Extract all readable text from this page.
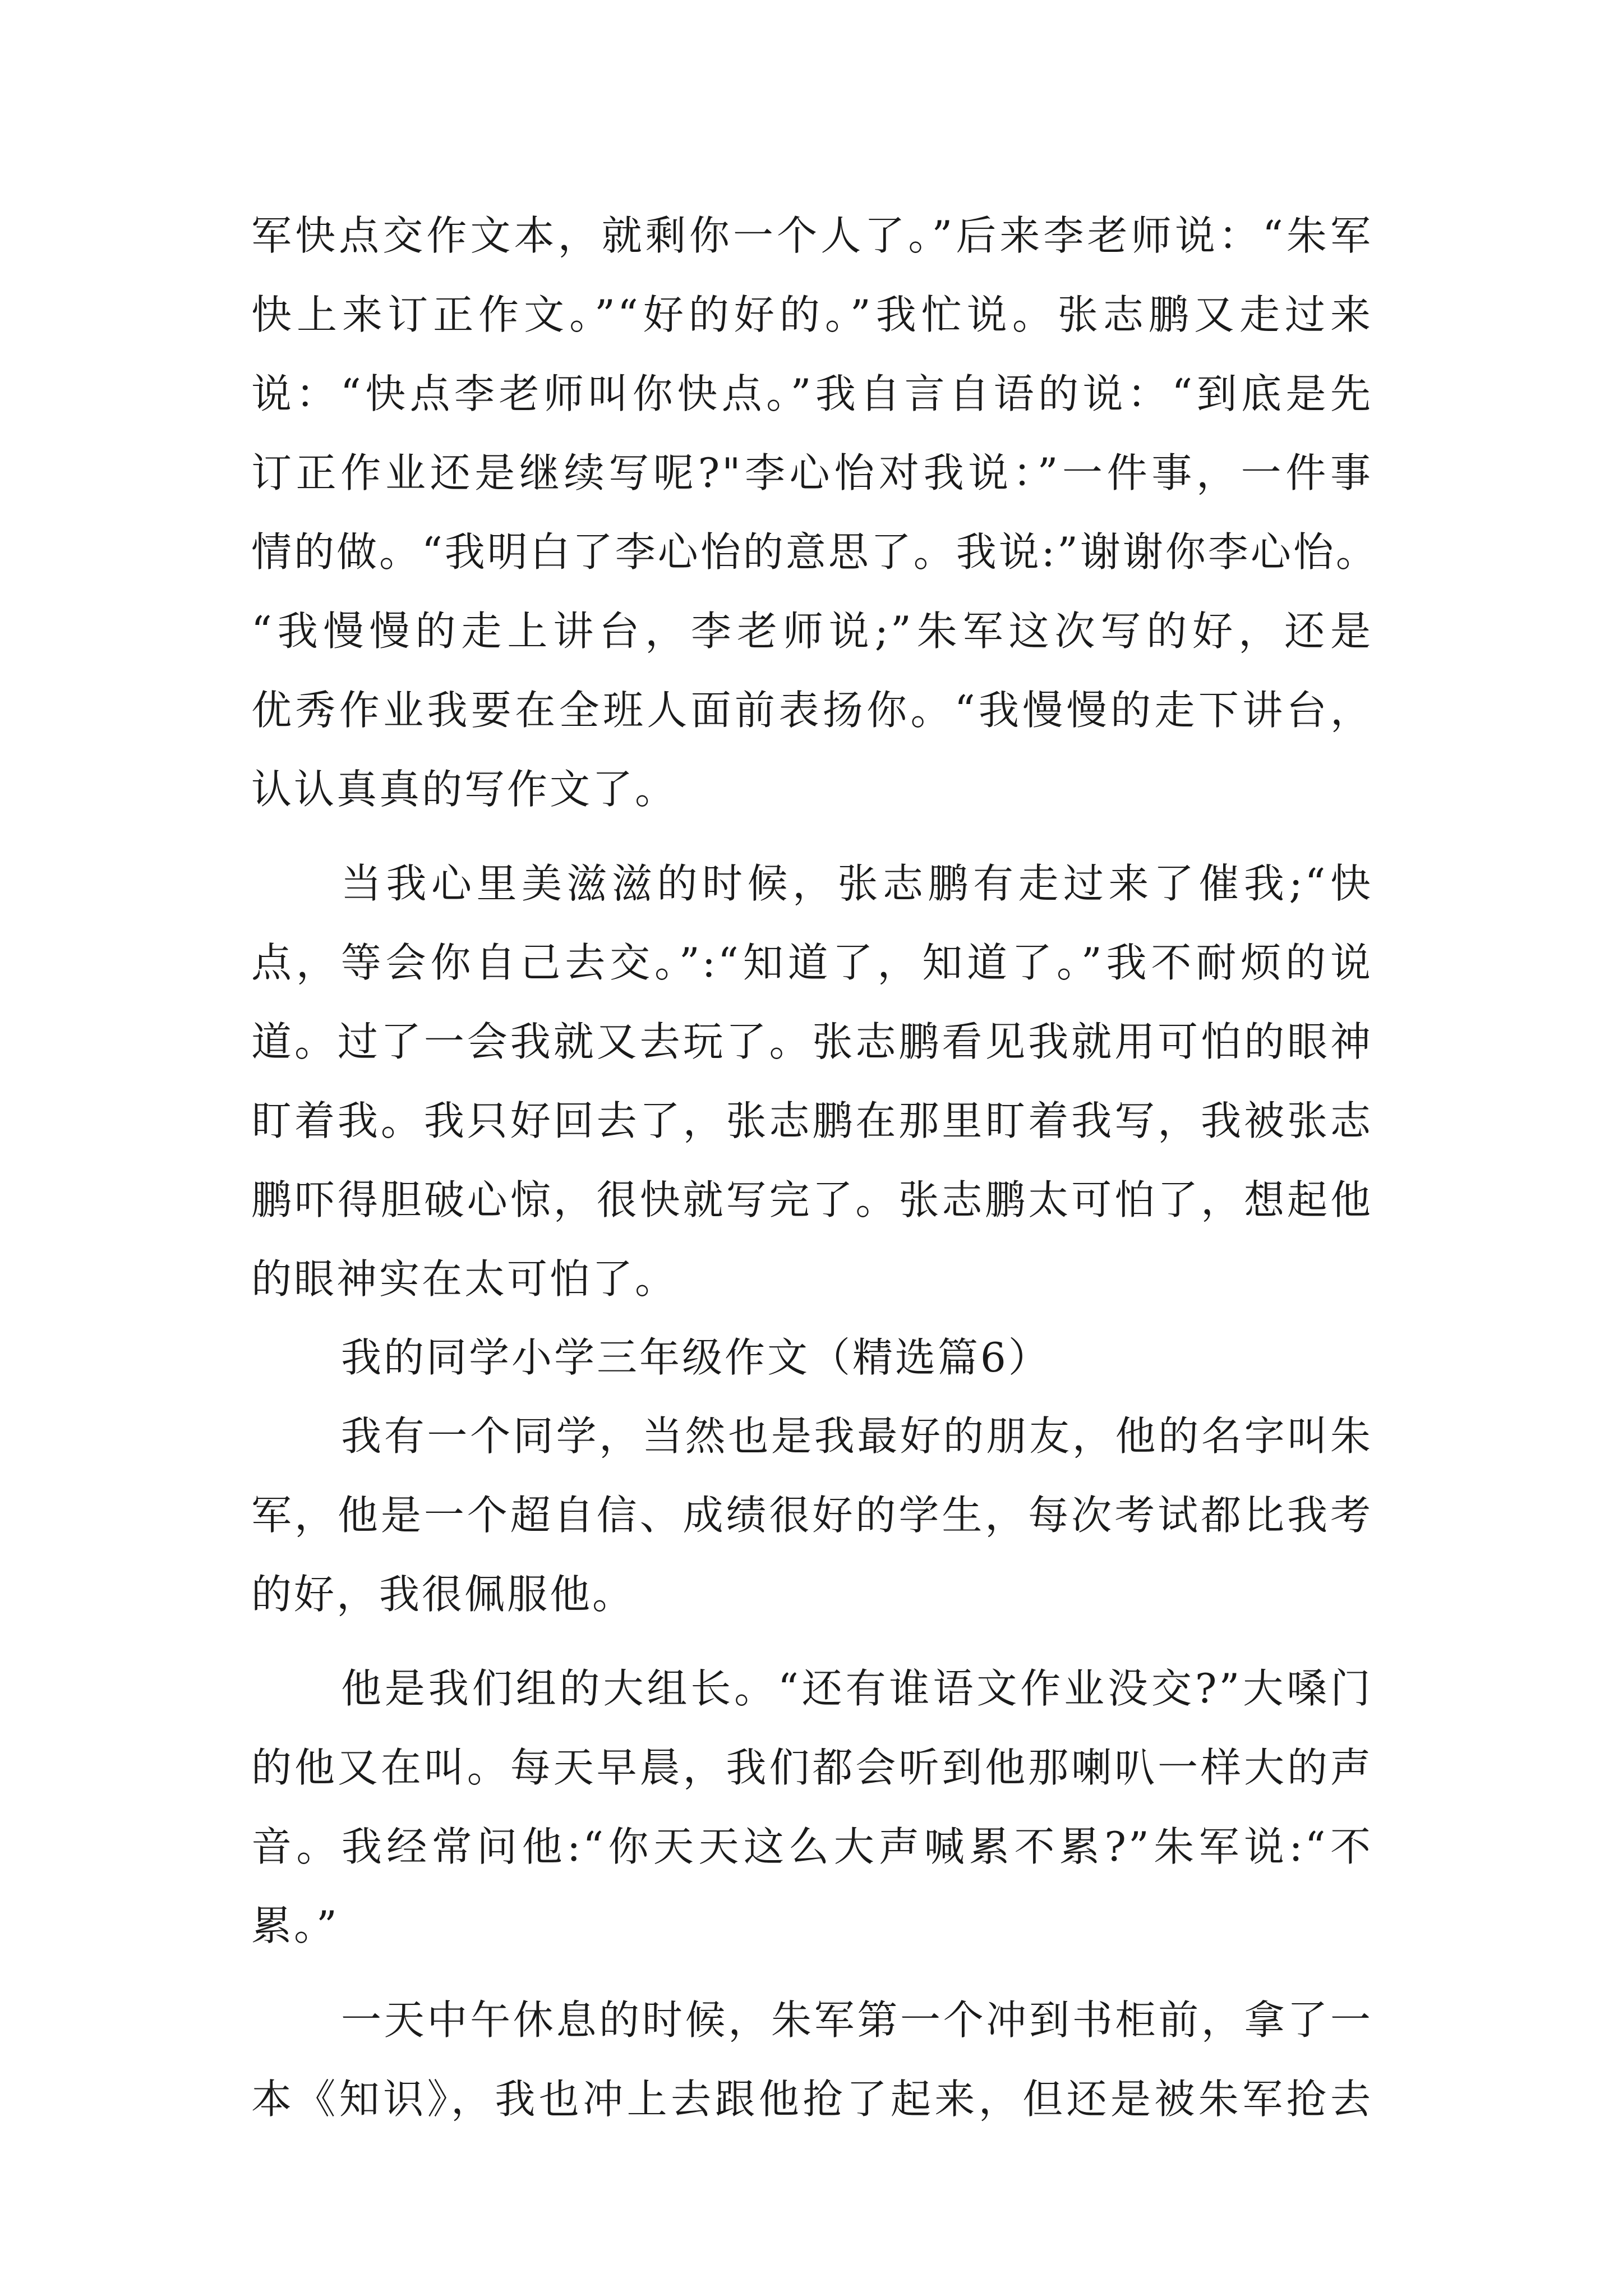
军快点交作文本，就剩你一个人了。”后来李老师说：“朱军
快上来订正作文。”“好的好的。”我忙说。张志鹏又走过来
说：“快点李老师叫你快点。”我自言自语的说：“到底是先
订正作业还是继续写呢?"李心怡对我说：”一件事，一件事
情的做。“我明白了李心怡的意思了。我说:”谢谢你李心怡。
“我慢慢的走上讲台，李老师说;”朱军这次写的好，还是
优秀作业我要在全班人面前表扬你。“我慢慢的走下讲台，
认认真真的写作文了。
当我心里美滋滋的时候，张志鹏有走过来了催我;“快
点，等会你自己去交。”:“知道了，知道了。”我不耐烦的说
道。过了一会我就又去玩了。张志鹏看见我就用可怕的眼神
盯着我。我只好回去了，张志鹏在那里盯着我写，我被张志
鹏吓得胆破心惊，很快就写完了。张志鹏太可怕了，想起他
的眼神实在太可怕了。
我的同学小学三年级作文（精选篇6）
我有一个同学，当然也是我最好的朋友，他的名字叫朱
军，他是一个超自信、成绩很好的学生，每次考试都比我考
的好，我很佩服他。
他是我们组的大组长。“还有谁语文作业没交?”大嗓门
的他又在叫。每天早晨，我们都会听到他那喇叭一样大的声
音。我经常问他:“你天天这么大声喊累不累?”朱军说:“不
累。”
一天中午休息的时候，朱军第一个冲到书柜前，拿了一
本《知识》，我也冲上去跟他抢了起来，但还是被朱军抢去
